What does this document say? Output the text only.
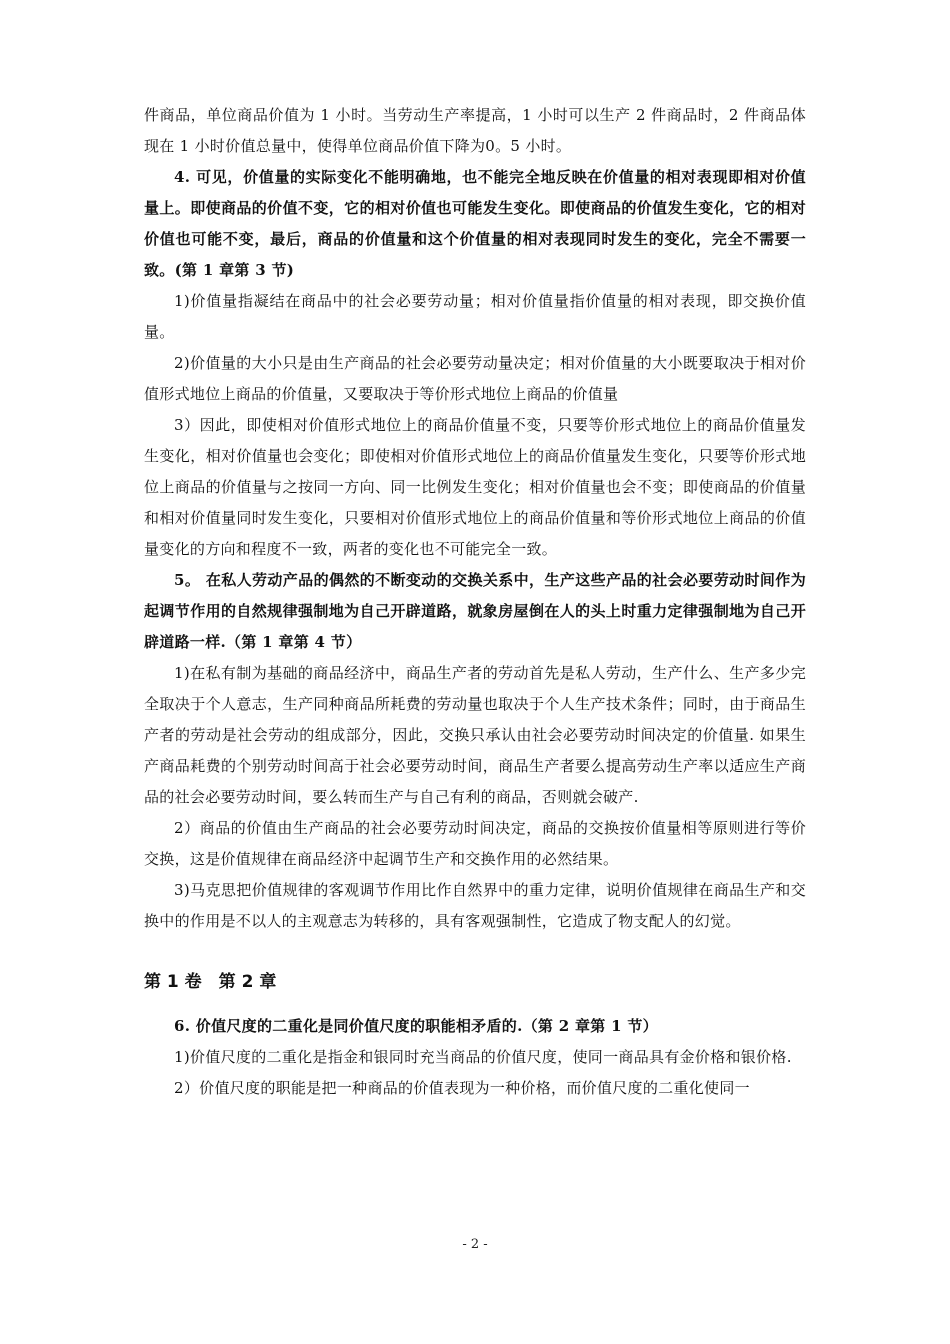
件商品，单位商品价值为 1 小时。当劳动生产率提高，1 小时可以生产 2 件商品时，2 件商品体现在 1 小时价值总量中，使得单位商品价值下降为0。5 小时。

4. 可见，价值量的实际变化不能明确地，也不能完全地反映在价值量的相对表现即相对价值量上。即使商品的价值不变，它的相对价值也可能发生变化。即使商品的价值发生变化，它的相对价值也可能不变，最后，商品的价值量和这个价值量的相对表现同时发生的变化，完全不需要一致。(第 1 章第 3 节)

1)价值量指凝结在商品中的社会必要劳动量；相对价值量指价值量的相对表现，即交换价值量。

2)价值量的大小只是由生产商品的社会必要劳动量决定；相对价值量的大小既要取决于相对价值形式地位上商品的价值量，又要取决于等价形式地位上商品的价值量

3）因此，即使相对价值形式地位上的商品价值量不变，只要等价形式地位上的商品价值量发生变化，相对价值量也会变化；即使相对价值形式地位上的商品价值量发生变化，只要等价形式地位上商品的价值量与之按同一方向、同一比例发生变化；相对价值量也会不变；即使商品的价值量和相对价值量同时发生变化，只要相对价值形式地位上的商品价值量和等价形式地位上商品的价值量变化的方向和程度不一致，两者的变化也不可能完全一致。

5。 在私人劳动产品的偶然的不断变动的交换关系中，生产这些产品的社会必要劳动时间作为起调节作用的自然规律强制地为自己开辟道路，就象房屋倒在人的头上时重力定律强制地为自己开辟道路一样.（第 1 章第 4 节）

1)在私有制为基础的商品经济中，商品生产者的劳动首先是私人劳动，生产什么、生产多少完全取决于个人意志，生产同种商品所耗费的劳动量也取决于个人生产技术条件；同时，由于商品生产者的劳动是社会劳动的组成部分，因此，交换只承认由社会必要劳动时间决定的价值量. 如果生产商品耗费的个别劳动时间高于社会必要劳动时间，商品生产者要么提高劳动生产率以适应生产商品的社会必要劳动时间，要么转而生产与自己有利的商品，否则就会破产.

2）商品的价值由生产商品的社会必要劳动时间决定，商品的交换按价值量相等原则进行等价交换，这是价值规律在商品经济中起调节生产和交换作用的必然结果。

3)马克思把价值规律的客观调节作用比作自然界中的重力定律，说明价值规律在商品生产和交换中的作用是不以人的主观意志为转移的，具有客观强制性，它造成了物支配人的幻觉。

第 1 卷　第 2 章

6. 价值尺度的二重化是同价值尺度的职能相矛盾的.（第 2 章第 1 节）

1)价值尺度的二重化是指金和银同时充当商品的价值尺度，使同一商品具有金价格和银价格.

2）价值尺度的职能是把一种商品的价值表现为一种价格，而价值尺度的二重化使同一

- 2 -
